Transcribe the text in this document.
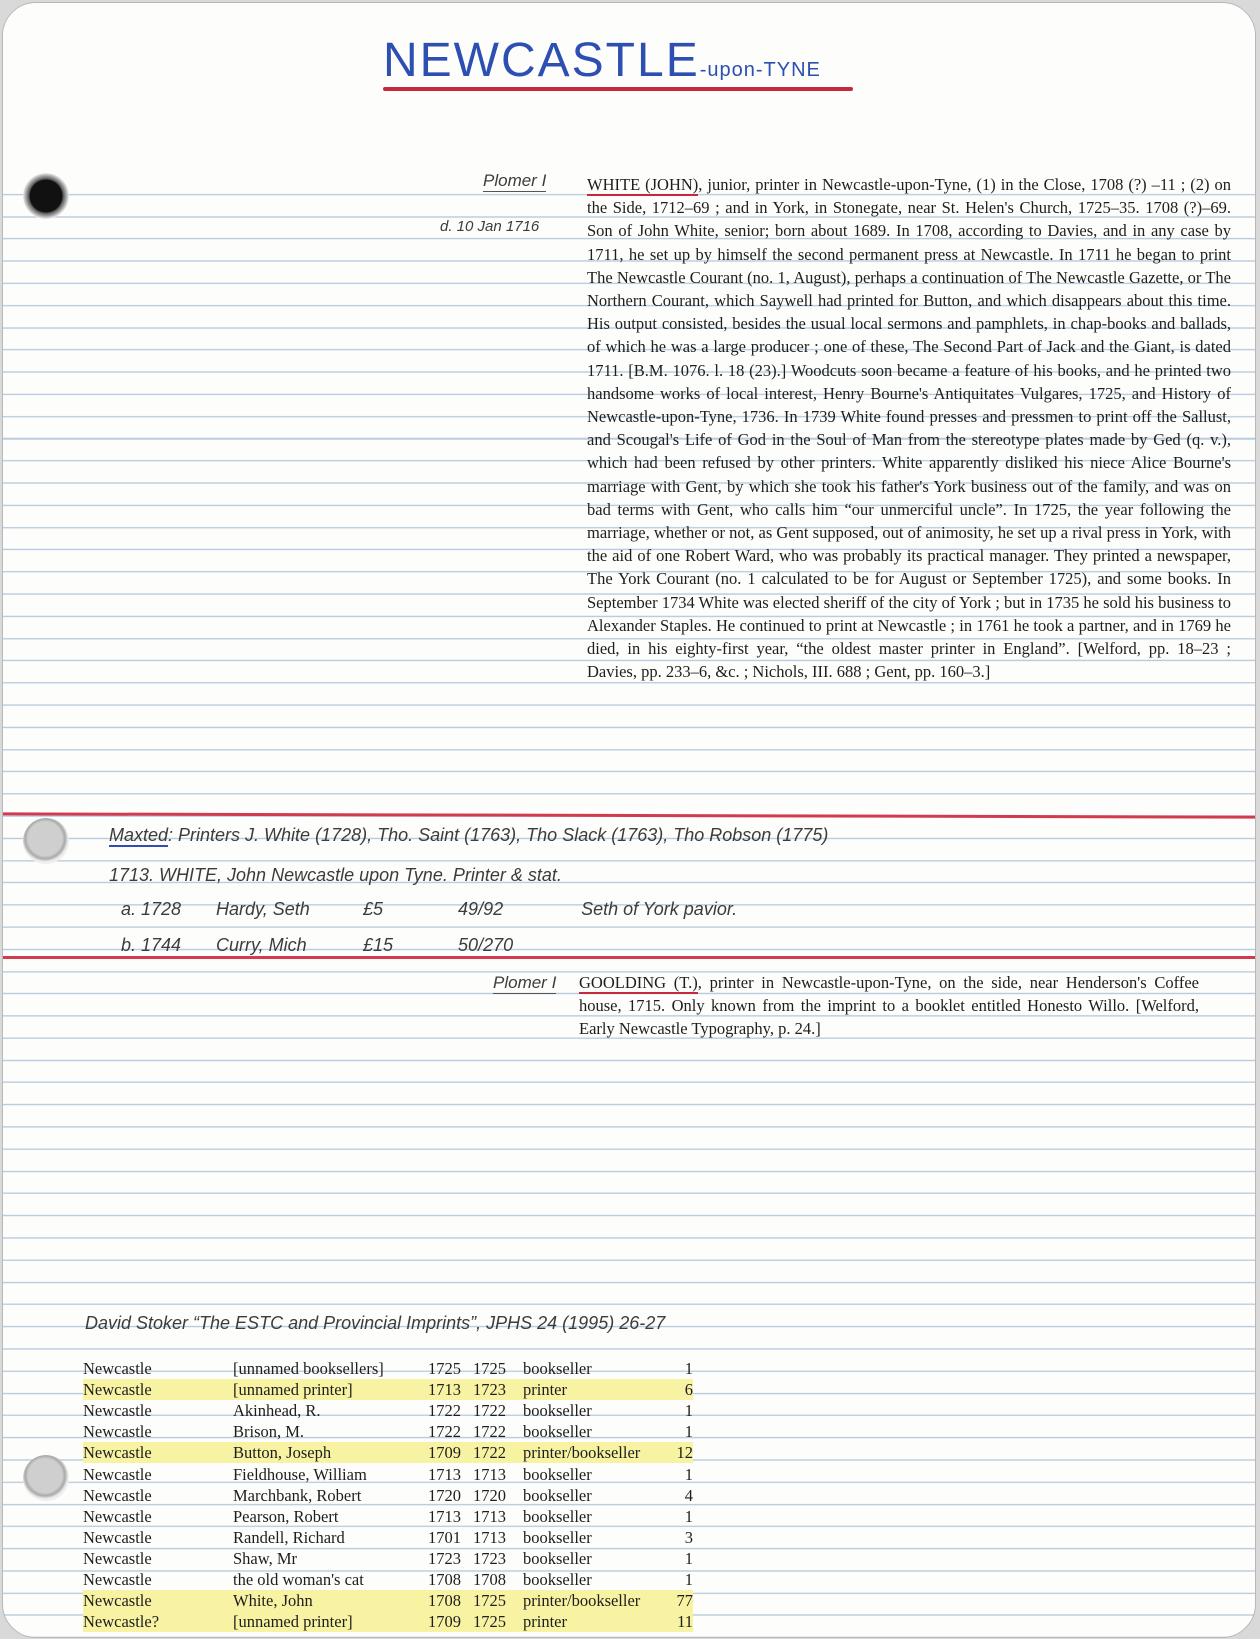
NEWCASTLE-upon-TYNE
Plomer I
d. 10 Jan 1716

WHITE (JOHN), junior, printer in Newcastle-upon-Tyne, (1) in the Close, 1708 (?) –11 ; (2) on the Side, 1712–69 ; and in York, in Stonegate, near St. Helen's Church, 1725–35. 1708 (?)–69. Son of John White, senior; born about 1689. In 1708, according to Davies, and in any case by 1711, he set up by himself the second permanent press at Newcastle. In 1711 he began to print The Newcastle Courant (no. 1, August), perhaps a continuation of The Newcastle Gazette, or The Northern Courant, which Saywell had printed for Button, and which disappears about this time. His output consisted, besides the usual local sermons and pamphlets, in chap-books and ballads, of which he was a large producer ; one of these, The Second Part of Jack and the Giant, is dated 1711. [B.M. 1076. l. 18 (23).] Woodcuts soon became a feature of his books, and he printed two handsome works of local interest, Henry Bourne's Antiquitates Vulgares, 1725, and History of Newcastle-upon-Tyne, 1736. In 1739 White found presses and pressmen to print off the Sallust, and Scougal's Life of God in the Soul of Man from the stereotype plates made by Ged (q. v.), which had been refused by other printers. White apparently disliked his niece Alice Bourne's marriage with Gent, by which she took his father's York business out of the family, and was on bad terms with Gent, who calls him “our unmerciful uncle”. In 1725, the year following the marriage, whether or not, as Gent supposed, out of animosity, he set up a rival press in York, with the aid of one Robert Ward, who was probably its practical manager. They printed a newspaper, The York Courant (no. 1 calculated to be for August or September 1725), and some books. In September 1734 White was elected sheriff of the city of York ; but in 1735 he sold his business to Alexander Staples. He continued to print at Newcastle ; in 1761 he took a partner, and in 1769 he died, in his eighty-first year, “the oldest master printer in England”. [Welford, pp. 18–23 ; Davies, pp. 233–6, &c. ; Nichols, III. 688 ; Gent, pp. 160–3.]

Maxted: Printers J. White (1728), Tho. Saint (1763), Tho Slack (1763), Tho Robson (1775)
1713. WHITE, John Newcastle upon Tyne. Printer & stat.
a. 1728 Hardy, Seth	£5	49/92	Seth of York pavior.
b. 1744 Curry, Mich	£15	50/270
Plomer I GOOLDING (T.), printer in Newcastle-upon-Tyne, on the side, near Henderson's Coffee house, 1715. Only known from the imprint to a booklet entitled Honesto Willo. [Welford, Early Newcastle Typography, p. 24.]

David Stoker “The ESTC and Provincial Imprints”, JPHS 24 (1995) 26-27
Newcastle	[unnamed booksellers]	1725	1725	bookseller	1
Newcastle	[unnamed printer]	1713	1723	printer	6
Newcastle	Akinhead, R.	1722	1722	bookseller	1
Newcastle	Brison, M.	1722	1722	bookseller	1
Newcastle	Button, Joseph	1709	1722	printer/bookseller	12
Newcastle	Fieldhouse, William	1713	1713	bookseller	1
Newcastle	Marchbank, Robert	1720	1720	bookseller	4
Newcastle	Pearson, Robert	1713	1713	bookseller	1
Newcastle	Randell, Richard	1701	1713	bookseller	3
Newcastle	Shaw, Mr	1723	1723	bookseller	1
Newcastle	the old woman's cat	1708	1708	bookseller	1
Newcastle	White, John	1708	1725	printer/bookseller	77
Newcastle?	[unnamed printer]	1709	1725	printer	11
